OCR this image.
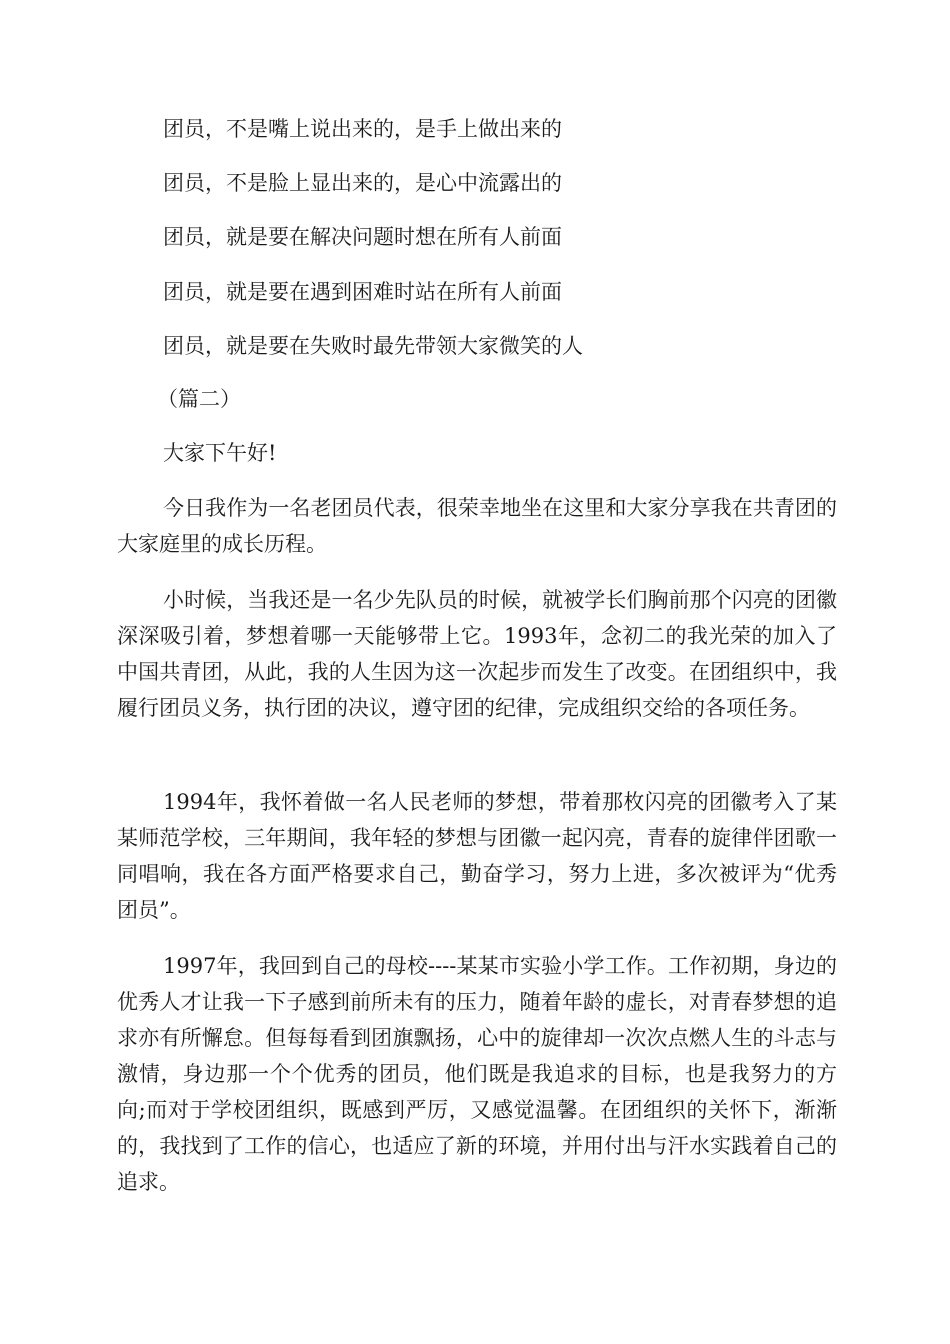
团员，不是嘴上说出来的，是手上做出来的
团员，不是脸上显出来的，是心中流露出的
团员，就是要在解决问题时想在所有人前面
团员，就是要在遇到困难时站在所有人前面
团员，就是要在失败时最先带领大家微笑的人
（篇二）
大家下午好!

今日我作为一名老团员代表，很荣幸地坐在这里和大家分享我在共青团的大家庭里的成长历程。

小时候，当我还是一名少先队员的时候，就被学长们胸前那个闪亮的团徽深深吸引着，梦想着哪一天能够带上它。1993年，念初二的我光荣的加入了中国共青团，从此，我的人生因为这一次起步而发生了改变。在团组织中，我履行团员义务，执行团的决议，遵守团的纪律，完成组织交给的各项任务。

1994年，我怀着做一名人民老师的梦想，带着那枚闪亮的团徽考入了某某师范学校，三年期间，我年轻的梦想与团徽一起闪亮，青春的旋律伴团歌一同唱响，我在各方面严格要求自己，勤奋学习，努力上进，多次被评为“优秀团员”。

1997年，我回到自己的母校----某某市实验小学工作。工作初期，身边的优秀人才让我一下子感到前所未有的压力，随着年龄的虚长，对青春梦想的追求亦有所懈怠。但每每看到团旗飘扬，心中的旋律却一次次点燃人生的斗志与激情，身边那一个个优秀的团员，他们既是我追求的目标，也是我努力的方向;而对于学校团组织，既感到严厉，又感觉温馨。在团组织的关怀下，渐渐的，我找到了工作的信心，也适应了新的环境，并用付出与汗水实践着自己的追求。
